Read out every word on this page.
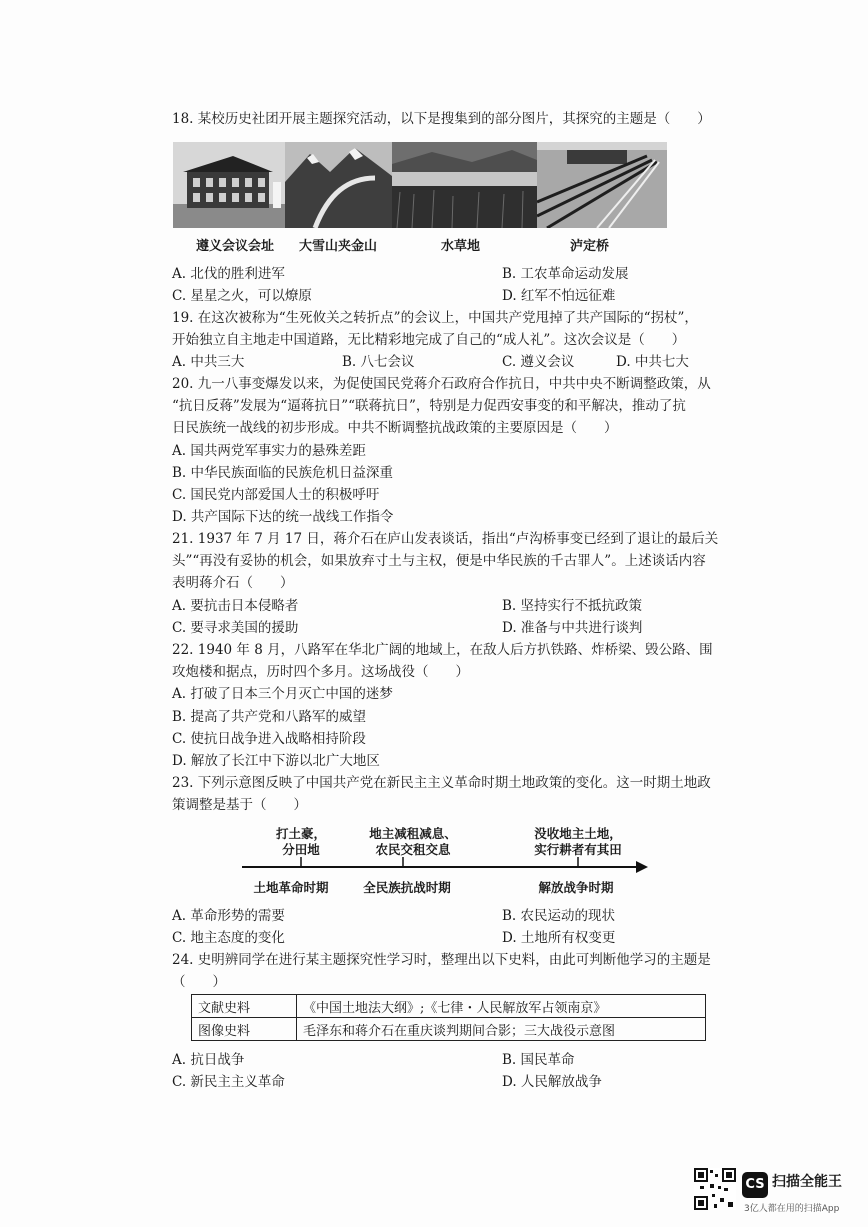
18. 某校历史社团开展主题探究活动，以下是搜集到的部分图片，其探究的主题是（　　）
遵义会议会址 大雪山夹金山	水草地	泸定桥
A. 北伐的胜利进军	B. 工农革命运动发展
C. 星星之火，可以燎原	D. 红军不怕远征难
19. 在这次被称为“生死攸关之转折点”的会议上，中国共产党甩掉了共产国际的“拐杖”，
开始独立自主地走中国道路，无比精彩地完成了自己的“成人礼”。这次会议是（　　）
A. 中共三大	B. 八七会议	C. 遵义会议	D. 中共七大
20. 九一八事变爆发以来，为促使国民党蒋介石政府合作抗日，中共中央不断调整政策，从
“抗日反蒋”发展为“逼蒋抗日”“联蒋抗日”，特别是力促西安事变的和平解决，推动了抗
日民族统一战线的初步形成。中共不断调整抗战政策的主要原因是（　　）
A. 国共两党军事实力的悬殊差距
B. 中华民族面临的民族危机日益深重
C. 国民党内部爱国人士的积极呼吁
D. 共产国际下达的统一战线工作指令
21. 1937 年 7 月 17 日，蒋介石在庐山发表谈话，指出“卢沟桥事变已经到了退让的最后关
头”“再没有妥协的机会，如果放弃寸土与主权，便是中华民族的千古罪人”。上述谈话内容
表明蒋介石（　　）
A. 要抗击日本侵略者	B. 坚持实行不抵抗政策
C. 要寻求美国的援助	D. 准备与中共进行谈判
22. 1940 年 8 月，八路军在华北广阔的地域上，在敌人后方扒铁路、炸桥梁、毁公路、围
攻炮楼和据点，历时四个多月。这场战役（　　）
A. 打破了日本三个月灭亡中国的迷梦
B. 提高了共产党和八路军的威望
C. 使抗日战争进入战略相持阶段
D. 解放了长江中下游以北广大地区
23. 下列示意图反映了中国共产党在新民主主义革命时期土地政策的变化。这一时期土地政
策调整是基于（　　）
打土豪，
分田地
地主减租减息、
农民交租交息
没收地主土地，
实行耕者有其田
土地革命时期	全民族抗战时期	解放战争时期
A. 革命形势的需要	B. 农民运动的现状
C. 地主态度的变化	D. 土地所有权变更
24. 史明辨同学在进行某主题探究性学习时，整理出以下史料，由此可判断他学习的主题是
（　　）
文献史料	《中国土地法大纲》;《七律・人民解放军占领南京》
图像史料	毛泽东和蒋介石在重庆谈判期间合影；三大战役示意图
A. 抗日战争	B. 国民革命
C. 新民主主义革命	D. 人民解放战争
CS 扫描全能王
3亿人都在用的扫描App
